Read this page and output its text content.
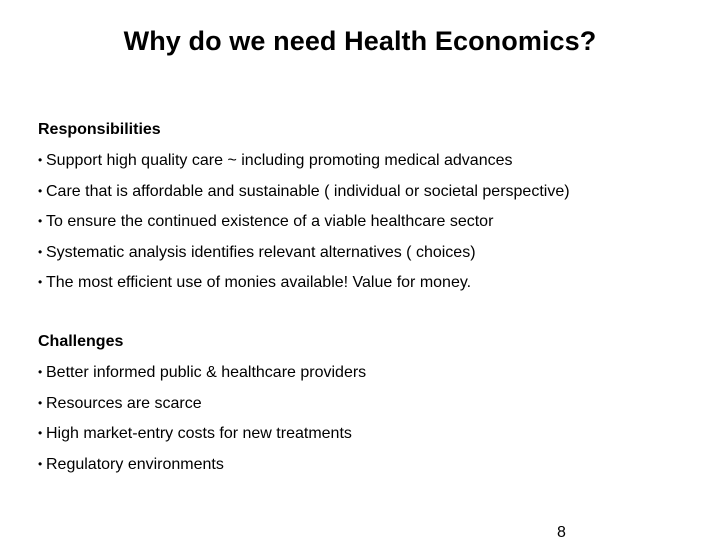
Why do we need Health Economics?
Responsibilities
• Support high quality care ~ including promoting medical advances
• Care that is affordable and sustainable ( individual or societal perspective)
• To ensure the continued existence of a viable healthcare sector
• Systematic analysis identifies relevant alternatives ( choices)
• The most efficient use of monies available! Value for money.
Challenges
• Better informed public & healthcare providers
• Resources are scarce
• High market-entry costs for new treatments
• Regulatory environments
8
